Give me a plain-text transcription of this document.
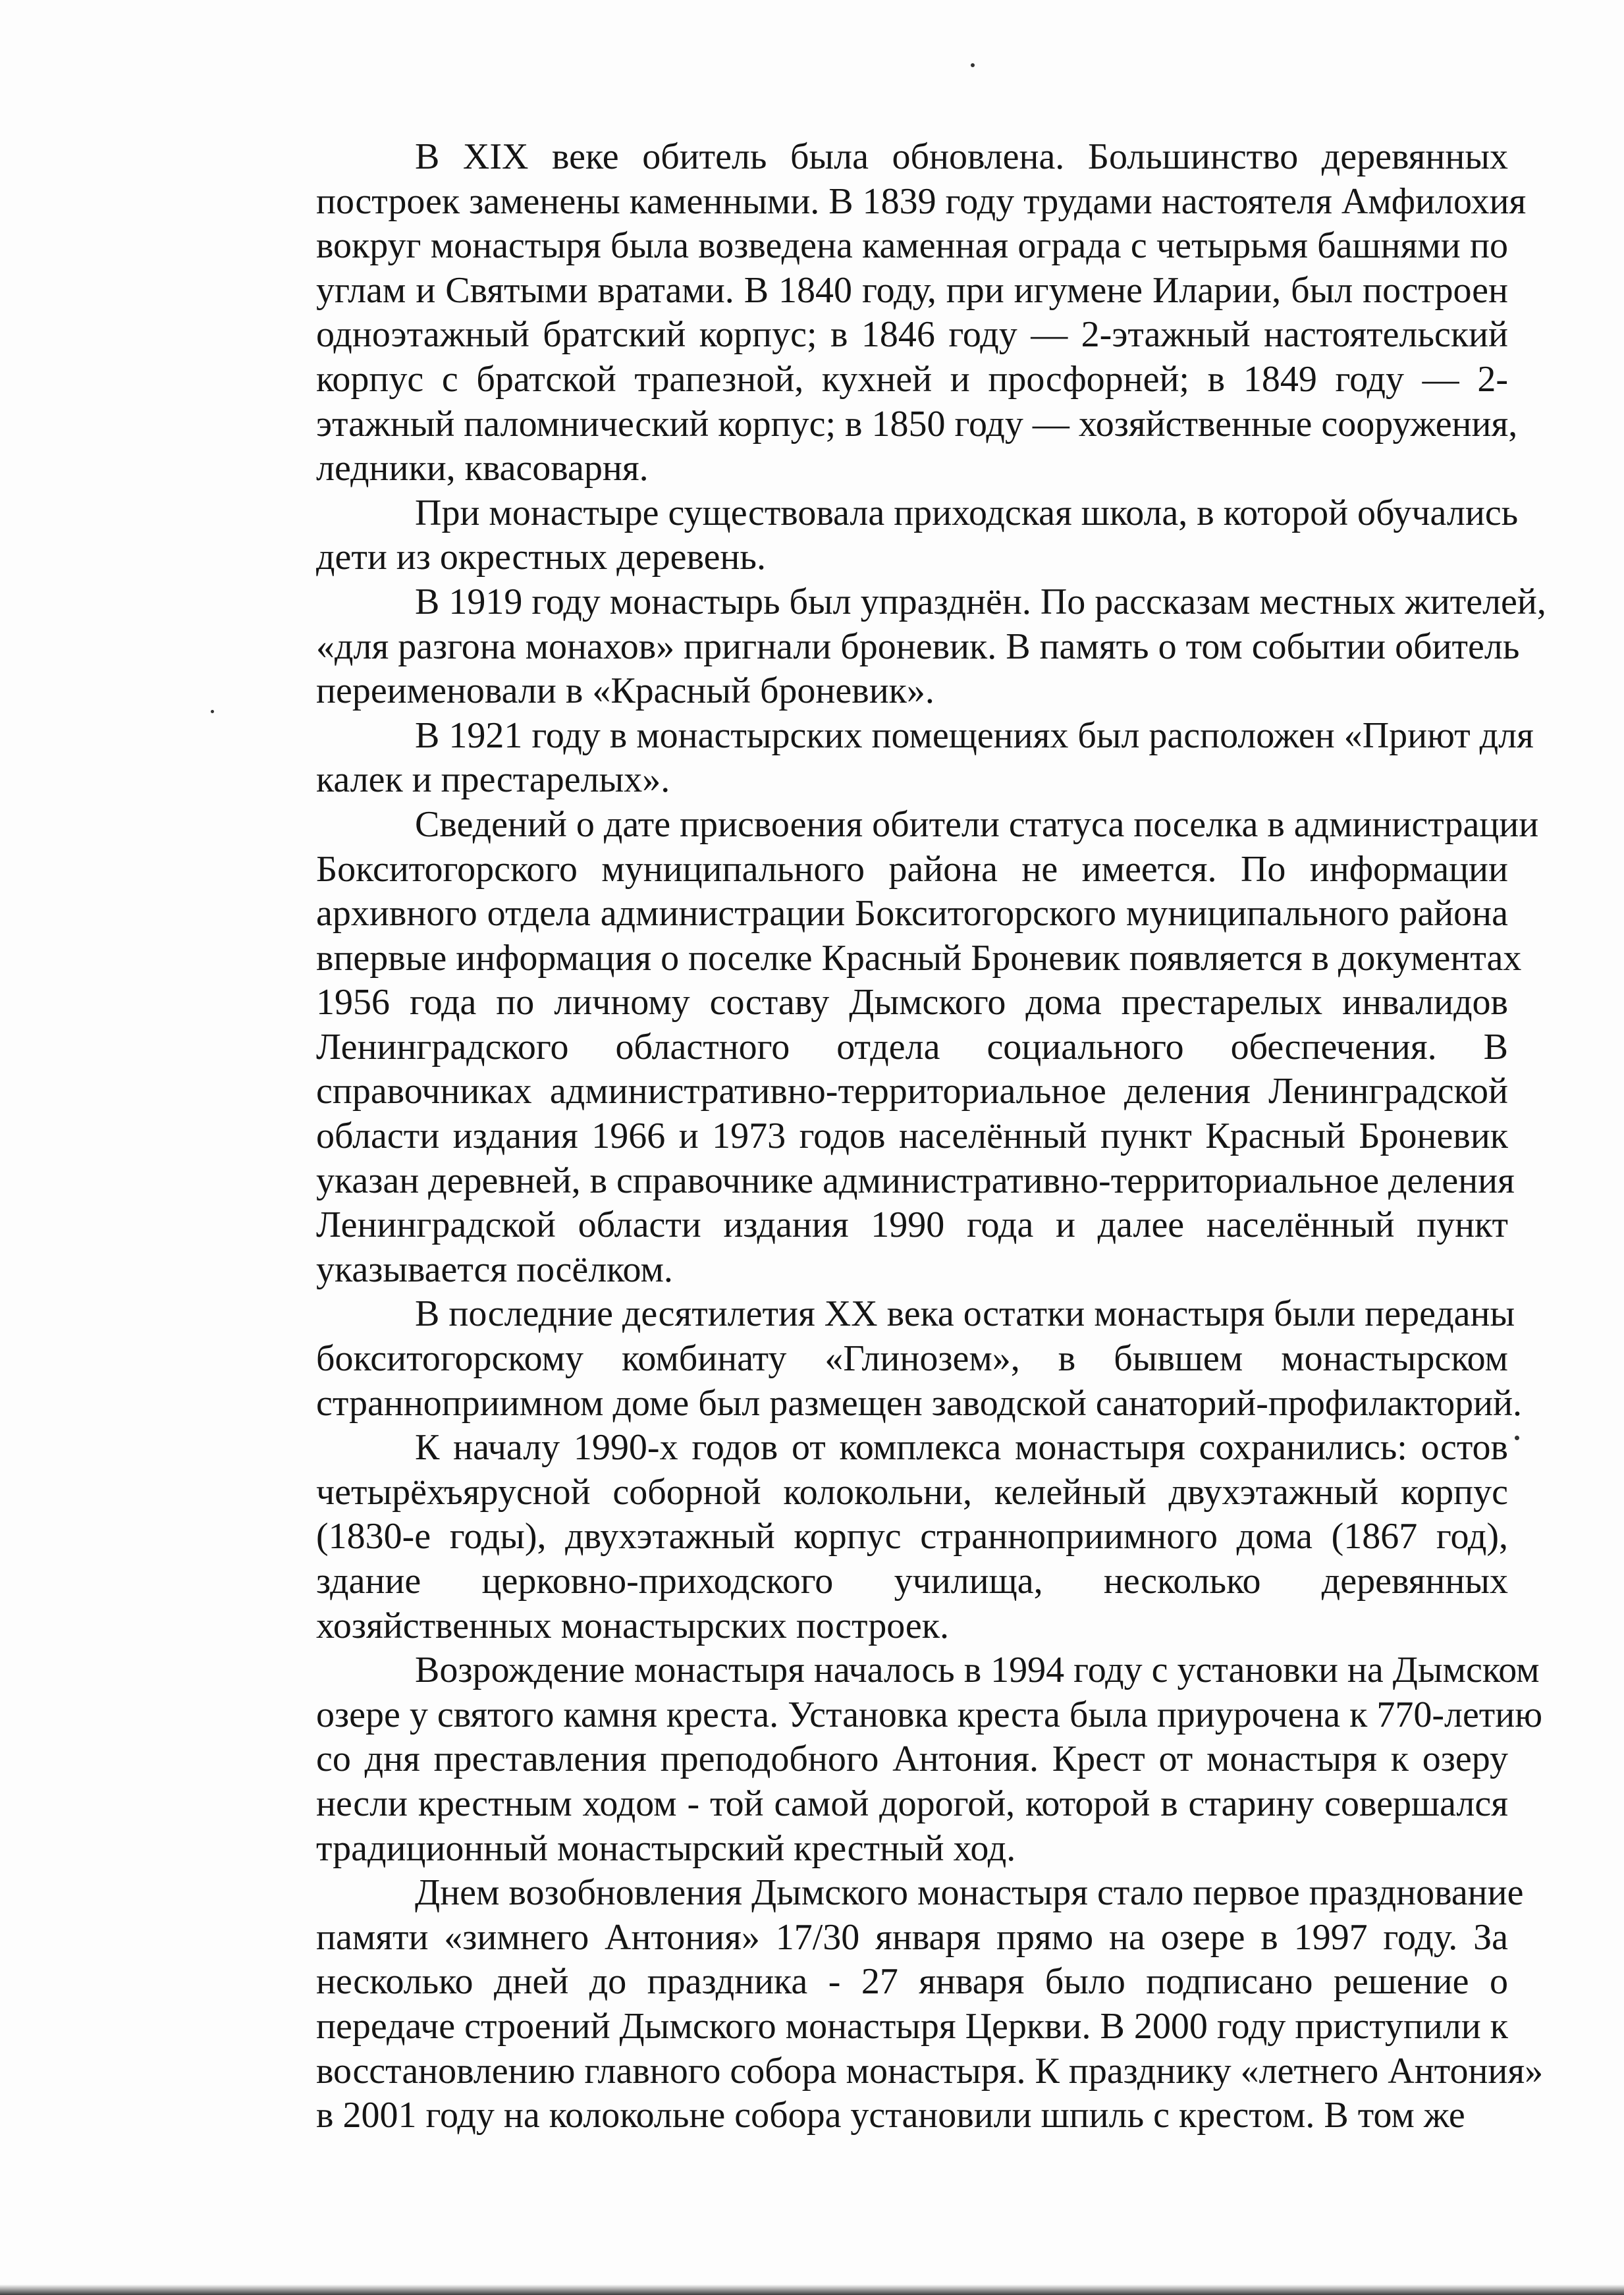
В XIX веке обитель была обновлена. Большинство деревянных
построек заменены каменными. В 1839 году трудами настоятеля Амфилохия
вокруг монастыря была возведена каменная ограда с четырьмя башнями по
углам и Святыми вратами. В 1840 году, при игумене Иларии, был построен
одноэтажный братский корпус; в 1846 году — 2-этажный настоятельский
корпус с братской трапезной, кухней и просфорней; в 1849 году — 2-
этажный паломнический корпус; в 1850 году — хозяйственные сооружения,
ледники, квасоварня.

При монастыре существовала приходская школа, в которой обучались
дети из окрестных деревень.

В 1919 году монастырь был упразднён. По рассказам местных жителей,
«для разгона монахов» пригнали броневик. В память о том событии обитель
переименовали в «Красный броневик».

В 1921 году в монастырских помещениях был расположен «Приют для
калек и престарелых».

Сведений о дате присвоения обители статуса поселка в администрации
Бокситогорского муниципального района не имеется. По информации
архивного отдела администрации Бокситогорского муниципального района
впервые информация о поселке Красный Броневик появляется в документах
1956 года по личному составу Дымского дома престарелых инвалидов
Ленинградского областного отдела социального обеспечения. В
справочниках административно-территориальное деления Ленинградской
области издания 1966 и 1973 годов населённый пункт Красный Броневик
указан деревней, в справочнике административно-территориальное деления
Ленинградской области издания 1990 года и далее населённый пункт
указывается посёлком.

В последние десятилетия XX века остатки монастыря были переданы
бокситогорскому комбинату «Глинозем», в бывшем монастырском
страннοприимном доме был размещен заводской санаторий-профилакторий.

К началу 1990-х годов от комплекса монастыря сохранились: остов
четырёхъярусной соборной колокольни, келейный двухэтажный корпус
(1830-е годы), двухэтажный корпус странноприимного дома (1867 год),
здание церковно-приходского училища, несколько деревянных
хозяйственных монастырских построек.

Возрождение монастыря началось в 1994 году с установки на Дымском
озере у святого камня креста. Установка креста была приурочена к 770-летию
со дня преставления преподобного Антония. Крест от монастыря к озеру
несли крестным ходом - той самой дорогой, которой в старину совершался
традиционный монастырский крестный ход.

Днем возобновления Дымского монастыря стало первое празднование
памяти «зимнего Антония» 17/30 января прямо на озере в 1997 году. За
несколько дней до праздника - 27 января было подписано решение о
передаче строений Дымского монастыря Церкви. В 2000 году приступили к
восстановлению главного собора монастыря. К празднику «летнего Антония»
в 2001 году на колокольне собора установили шпиль с крестом. В том же
